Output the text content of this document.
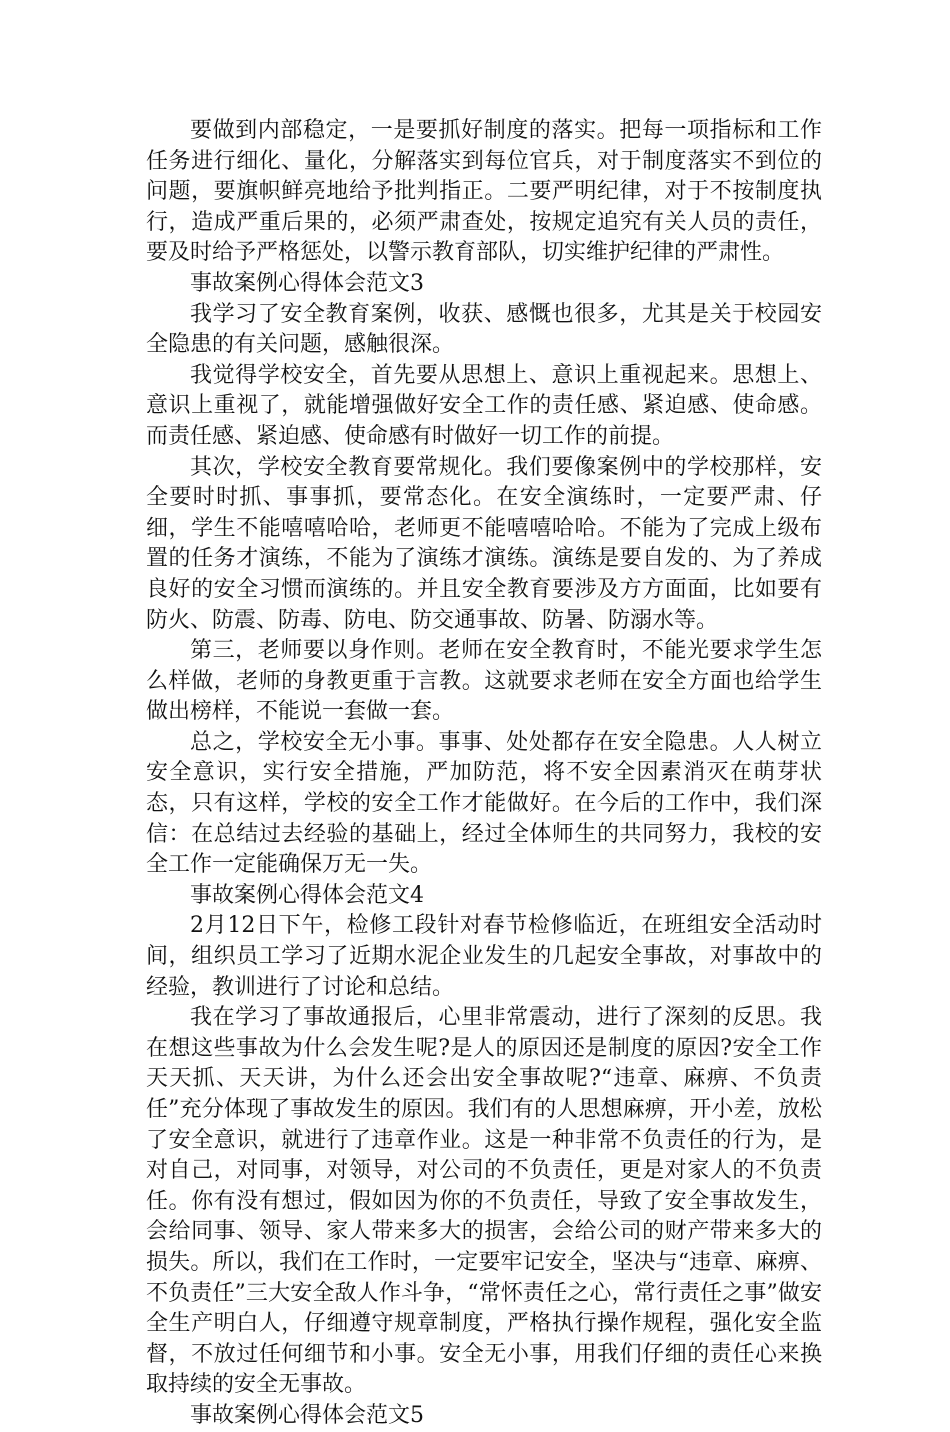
要做到内部稳定，一是要抓好制度的落实。把每一项指标和工作任务进行细化、量化，分解落实到每位官兵，对于制度落实不到位的问题，要旗帜鲜亮地给予批判指正。二要严明纪律，对于不按制度执行，造成严重后果的，必须严肃查处，按规定追究有关人员的责任，要及时给予严格惩处，以警示教育部队，切实维护纪律的严肃性。

事故案例心得体会范文3

我学习了安全教育案例，收获、感慨也很多，尤其是关于校园安全隐患的有关问题，感触很深。

我觉得学校安全，首先要从思想上、意识上重视起来。思想上、意识上重视了，就能增强做好安全工作的责任感、紧迫感、使命感。而责任感、紧迫感、使命感有时做好一切工作的前提。

其次，学校安全教育要常规化。我们要像案例中的学校那样，安全要时时抓、事事抓，要常态化。在安全演练时，一定要严肃、仔细，学生不能嘻嘻哈哈，老师更不能嘻嘻哈哈。不能为了完成上级布置的任务才演练，不能为了演练才演练。演练是要自发的、为了养成良好的安全习惯而演练的。并且安全教育要涉及方方面面，比如要有防火、防震、防毒、防电、防交通事故、防暑、防溺水等。

第三，老师要以身作则。老师在安全教育时，不能光要求学生怎么样做，老师的身教更重于言教。这就要求老师在安全方面也给学生做出榜样，不能说一套做一套。

总之，学校安全无小事。事事、处处都存在安全隐患。人人树立安全意识，实行安全措施，严加防范，将不安全因素消灭在萌芽状态，只有这样，学校的安全工作才能做好。在今后的工作中，我们深信：在总结过去经验的基础上，经过全体师生的共同努力，我校的安全工作一定能确保万无一失。

事故案例心得体会范文4

2月12日下午，检修工段针对春节检修临近，在班组安全活动时间，组织员工学习了近期水泥企业发生的几起安全事故，对事故中的经验，教训进行了讨论和总结。

我在学习了事故通报后，心里非常震动，进行了深刻的反思。我在想这些事故为什么会发生呢?是人的原因还是制度的原因?安全工作天天抓、天天讲，为什么还会出安全事故呢?“违章、麻痹、不负责任”充分体现了事故发生的原因。我们有的人思想麻痹，开小差，放松了安全意识，就进行了违章作业。这是一种非常不负责任的行为，是对自己，对同事，对领导，对公司的不负责任，更是对家人的不负责任。你有没有想过，假如因为你的不负责任，导致了安全事故发生，会给同事、领导、家人带来多大的损害，会给公司的财产带来多大的损失。所以，我们在工作时，一定要牢记安全，坚决与“违章、麻痹、不负责任”三大安全敌人作斗争，“常怀责任之心，常行责任之事”做安全生产明白人，仔细遵守规章制度，严格执行操作规程，强化安全监督，不放过任何细节和小事。安全无小事，用我们仔细的责任心来换取持续的安全无事故。

事故案例心得体会范文5
